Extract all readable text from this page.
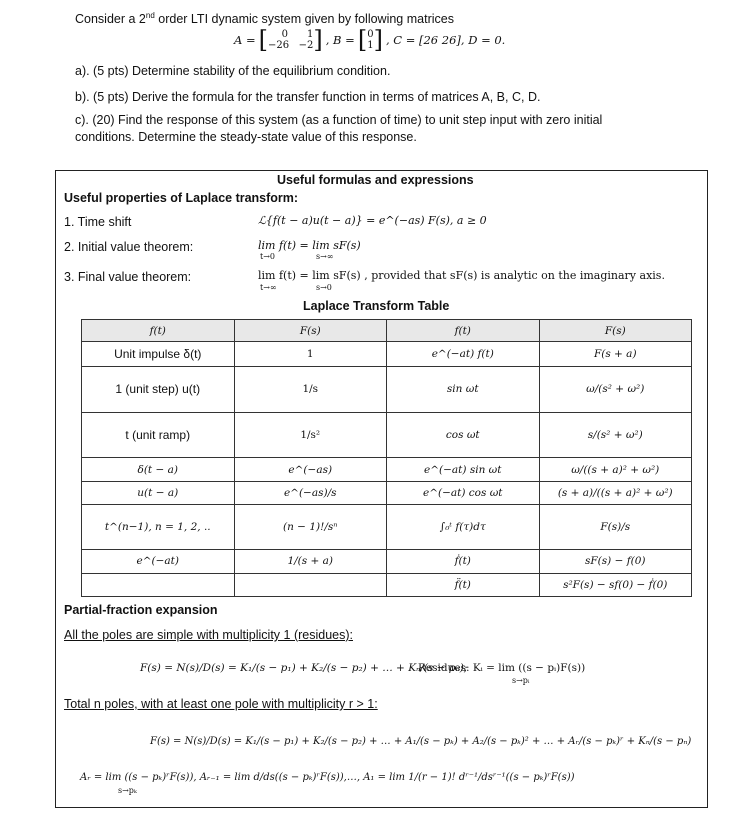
Consider a 2nd order LTI dynamic system given by following matrices
A = [	0      1
−26   −2 ] , B = [ 0
1 ] , C = [26 26], D = 0.
a). (5 pts) Determine stability of the equilibrium condition.
b). (5 pts) Derive the formula for the transfer function in terms of matrices A, B, C, D.
c). (20) Find the response of this system (as a function of time) to unit step input with zero initial
conditions. Determine the steady-state value of this response.
Useful formulas and expressions
Useful properties of Laplace transform:
1. Time shift	ℒ{f(t − a)u(t − a)} = e^(−as) F(s), a ≥ 0
2. Initial value theorem:	lim f(t) = lim sF(s)
t→0	s→∞
3. Final value theorem:	lim f(t) = lim sF(s) , provided that sF(s) is analytic on the imaginary axis.
t→∞	s→0
Laplace Transform Table
f(t)	F(s)	f(t)	F(s)
Unit impulse δ(t)	1	e^(−at) f(t)	F(s + a)
1 (unit step) u(t)	1/s	sin ωt	ω/(s² + ω²)
t (unit ramp)	1/s²	cos ωt	s/(s² + ω²)
δ(t − a)	e^(−as)	e^(−at) sin ωt	ω/((s + a)² + ω²)
u(t − a)	e^(−as)/s	e^(−at) cos ωt	(s + a)/((s + a)² + ω²)
t^(n−1), n = 1, 2, ..	(n − 1)!/sⁿ	∫₀ᵗ f(τ)dτ	F(s)/s
e^(−at)	1/(s + a)	ḟ(t)	sF(s) − f(0)
		f̈(t)	s²F(s) − sf(0) − ḟ(0)
Partial-fraction expansion
All the poles are simple with multiplicity 1 (residues):
F(s) = N(s)/D(s) = K₁/(s − p₁) + K₂/(s − p₂) + … + Kₙ/(s − pₙ);
Residues: Kᵢ = lim ((s − pᵢ)F(s))
s→pᵢ
Total n poles, with at least one pole with multiplicity r > 1:
F(s) = N(s)/D(s) = K₁/(s − p₁) + K₂/(s − p₂) + … + A₁/(s − pₖ) + A₂/(s − pₖ)² + … + Aᵣ/(s − pₖ)ʳ + Kₙ/(s − pₙ)
Aᵣ = lim ((s − pₖ)ʳF(s)), Aᵣ₋₁ = lim d/ds((s − pₖ)ʳF(s)),…, A₁ = lim 1/(r − 1)! dʳ⁻¹/dsʳ⁻¹((s − pₖ)ʳF(s))
s→pₖ
